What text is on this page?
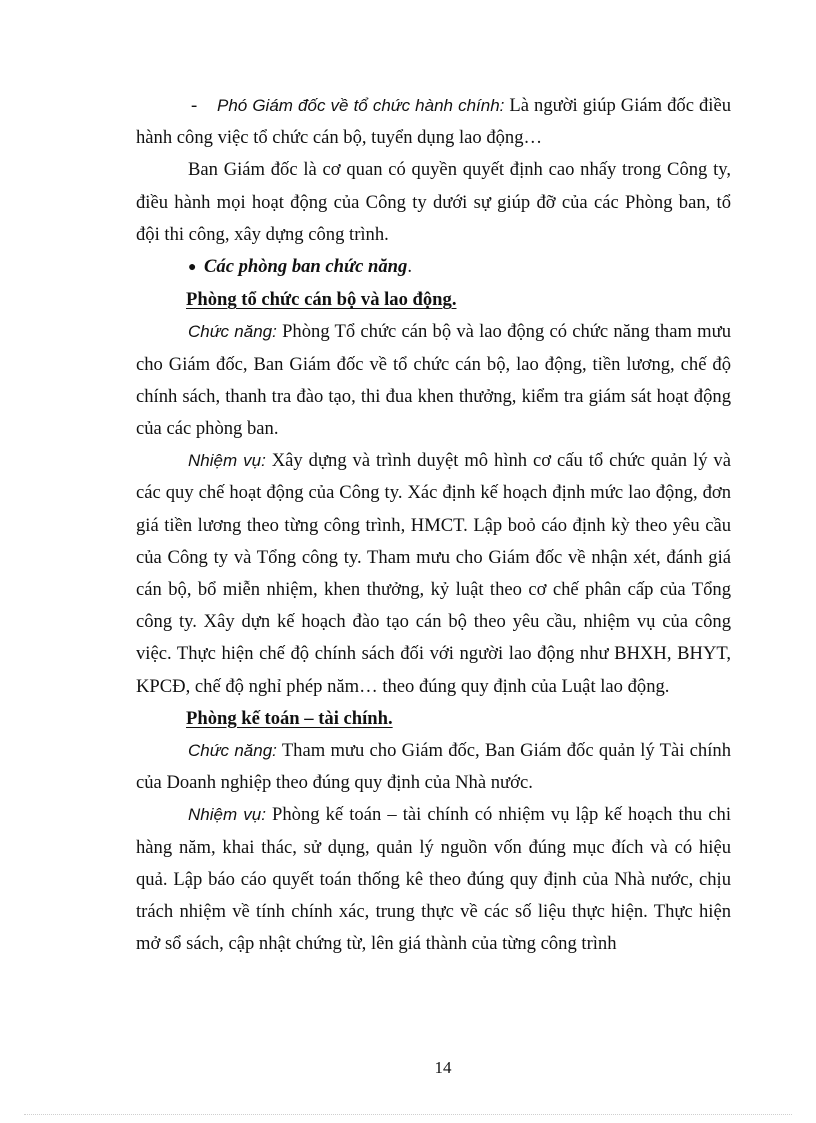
- Phó Giám đốc về tổ chức hành chính: Là người giúp Giám đốc điều hành công việc tổ chức cán bộ, tuyển dụng lao động…

Ban Giám đốc là cơ quan có quyền quyết định cao nhấy trong Công ty, điều hành mọi hoạt động của Công ty dưới sự giúp đỡ của các Phòng ban, tổ đội thi công, xây dựng công trình.

● Các phòng ban chức năng.

Phòng tổ chức cán bộ và lao động.

Chức năng: Phòng Tổ chức cán bộ và lao động có chức năng tham mưu cho Giám đốc, Ban Giám đốc về tổ chức cán bộ, lao động, tiền lương, chế độ chính sách, thanh tra đào tạo, thi đua khen thưởng, kiểm tra giám sát hoạt động của các phòng ban.

Nhiệm vụ: Xây dựng và trình duyệt mô hình cơ cấu tổ chức quản lý và các quy chế hoạt động của Công ty. Xác định kế hoạch định mức lao động, đơn giá tiền lương theo từng công trình, HMCT. Lập boỏ cáo định kỳ theo yêu cầu của Công ty và Tổng công ty. Tham mưu cho Giám đốc về nhận xét, đánh giá cán bộ, bổ miễn nhiệm, khen thưởng, kỷ luật theo cơ chế phân cấp của Tổng công ty. Xây dựn kế hoạch đào tạo cán bộ theo yêu cầu, nhiệm vụ của công việc. Thực hiện chế độ chính sách đối với người lao động như BHXH, BHYT, KPCĐ, chế độ nghỉ phép năm… theo đúng quy định của Luật lao động.

Phòng kế toán – tài chính.

Chức năng: Tham mưu cho Giám đốc, Ban Giám đốc quản lý Tài chính của Doanh nghiệp theo đúng quy định của Nhà nước.

Nhiệm vụ: Phòng kế toán – tài chính có nhiệm vụ lập kế hoạch thu chi hàng năm, khai thác, sử dụng, quản lý nguồn vốn đúng mục đích và có hiệu quả. Lập báo cáo quyết toán thống kê theo đúng quy định của Nhà nước, chịu trách nhiệm về tính chính xác, trung thực về các số liệu thực hiện. Thực hiện mở sổ sách, cập nhật chứng từ, lên giá thành của từng công trình

14
